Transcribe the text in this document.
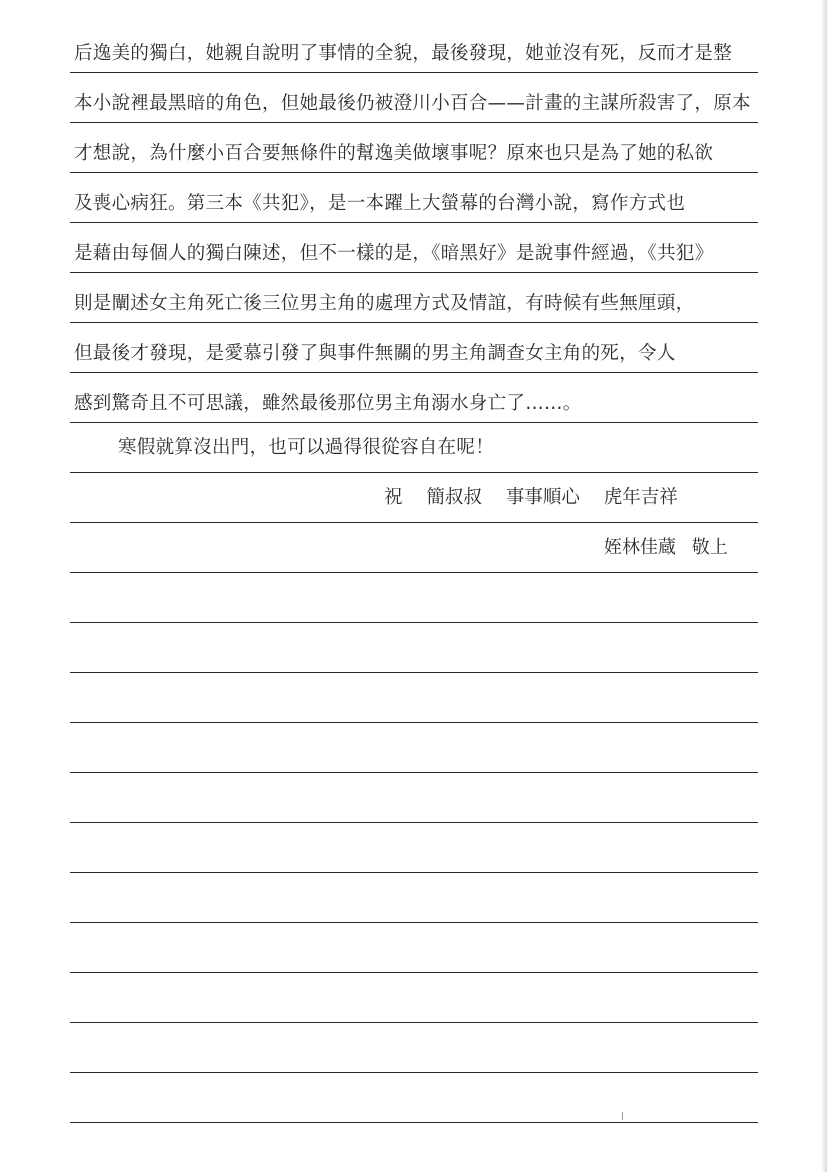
后逸美的獨白，她親自說明了事情的全貌，最後發現，她並沒有死，反而才是整
本小說裡最黑暗的角色，但她最後仍被澄川小百合——計畫的主謀所殺害了，原本
才想說，為什麼小百合要無條件的幫逸美做壞事呢？原來也只是為了她的私欲
及喪心病狂。第三本《共犯》，是一本躍上大螢幕的台灣小說，寫作方式也
是藉由每個人的獨白陳述，但不一樣的是，《暗黑好》是說事件經過，《共犯》
則是闡述女主角死亡後三位男主角的處理方式及情誼，有時候有些無厘頭，
但最後才發現，是愛慕引發了與事件無關的男主角調查女主角的死，令人
感到驚奇且不可思議，雖然最後那位男主角溺水身亡了……。
寒假就算沒出門，也可以過得很從容自在呢！
祝 簡叔叔 事事順心 虎年吉祥
姪林佳蔵 敬上
